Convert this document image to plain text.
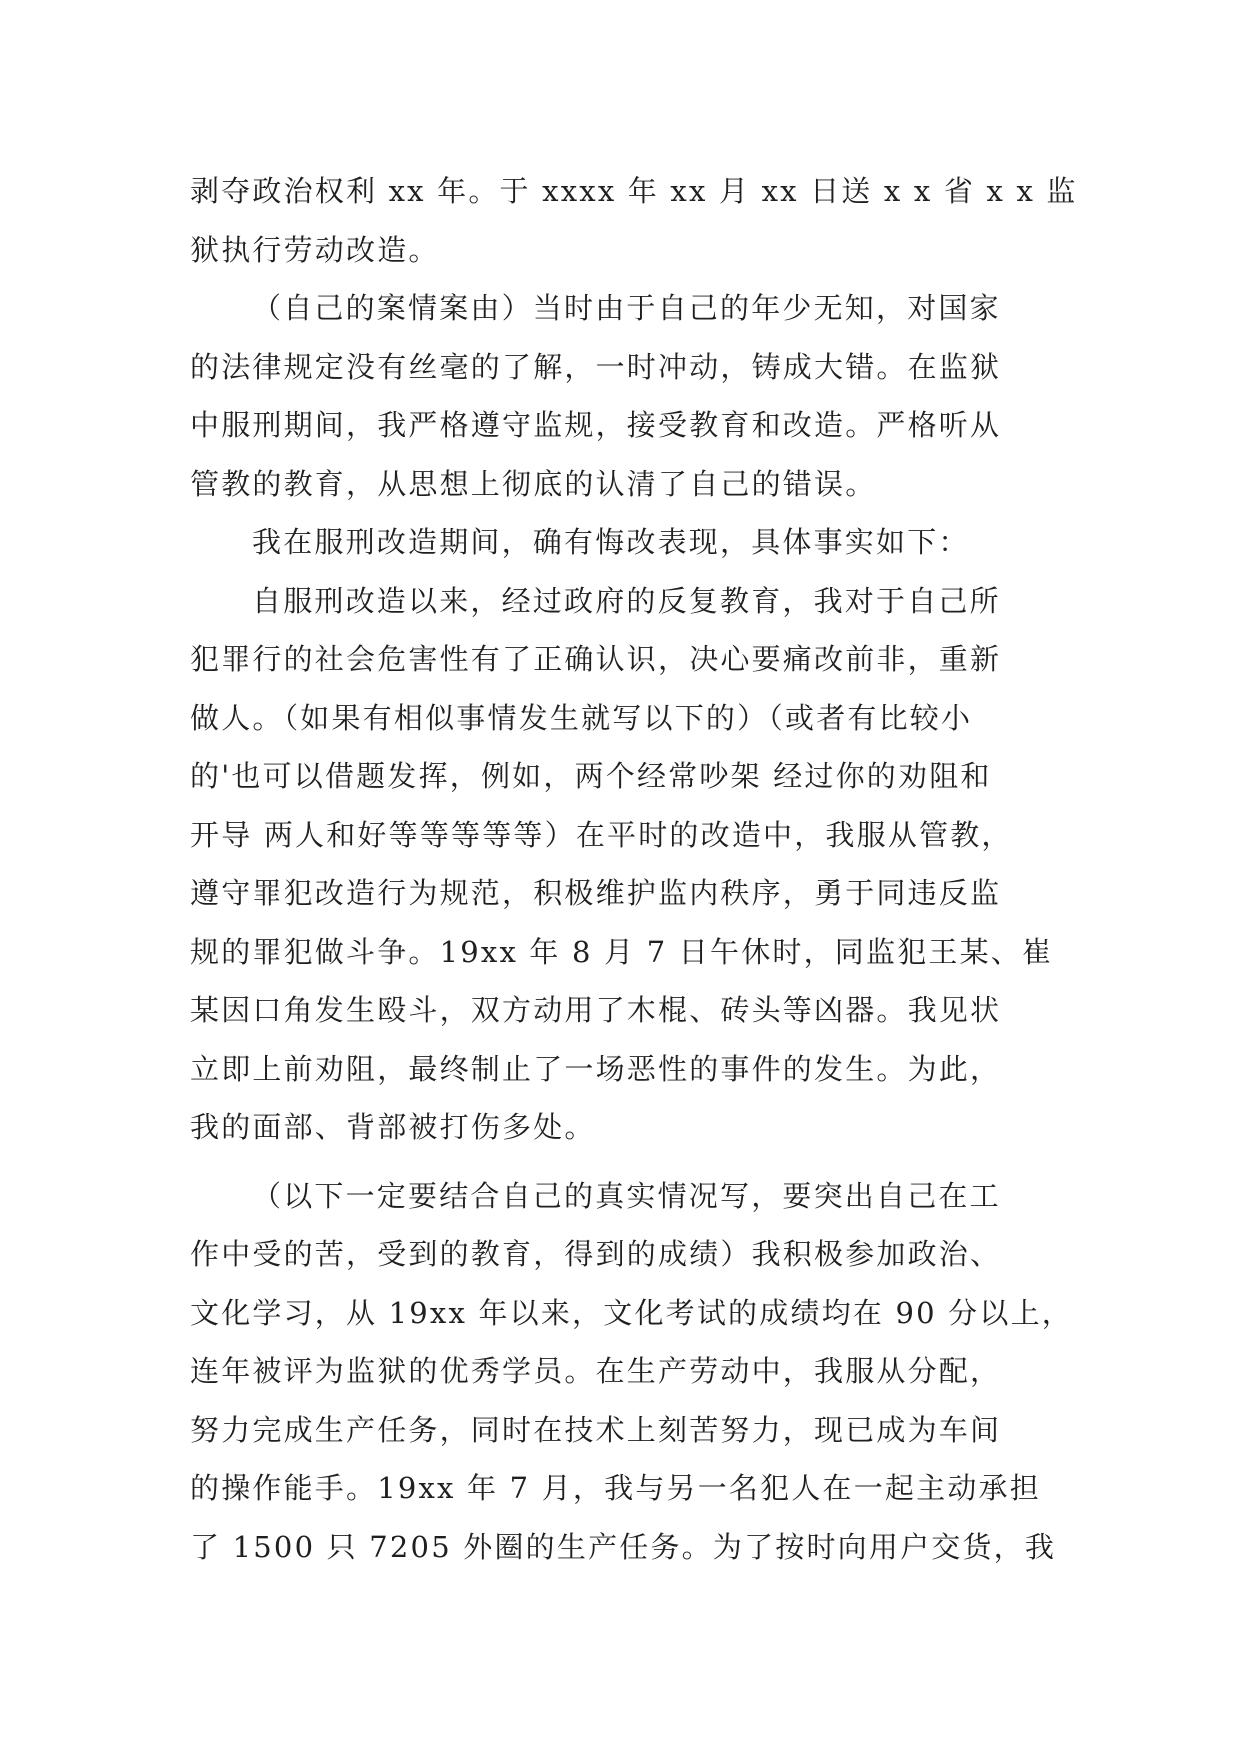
剥夺政治权利 xx 年。于 xxxx 年 xx 月 xx 日送 x x 省 x x 监
狱执行劳动改造。
（自己的案情案由）当时由于自己的年少无知，对国家
的法律规定没有丝毫的了解，一时冲动，铸成大错。在监狱
中服刑期间，我严格遵守监规，接受教育和改造。严格听从
管教的教育，从思想上彻底的认清了自己的错误。
我在服刑改造期间，确有悔改表现，具体事实如下：
自服刑改造以来，经过政府的反复教育，我对于自己所
犯罪行的社会危害性有了正确认识，决心要痛改前非，重新
做人。（如果有相似事情发生就写以下的）（或者有比较小
的'也可以借题发挥，例如，两个经常吵架 经过你的劝阻和
开导 两人和好等等等等等）在平时的改造中，我服从管教，
遵守罪犯改造行为规范，积极维护监内秩序，勇于同违反监
规的罪犯做斗争。19xx 年 8 月 7 日午休时，同监犯王某、崔
某因口角发生殴斗，双方动用了木棍、砖头等凶器。我见状
立即上前劝阻，最终制止了一场恶性的事件的发生。为此，
我的面部、背部被打伤多处。
（以下一定要结合自己的真实情况写，要突出自己在工
作中受的苦，受到的教育，得到的成绩）我积极参加政治、
文化学习，从 19xx 年以来，文化考试的成绩均在 90 分以上，
连年被评为监狱的优秀学员。在生产劳动中，我服从分配，
努力完成生产任务，同时在技术上刻苦努力，现已成为车间
的操作能手。19xx 年 7 月，我与另一名犯人在一起主动承担
了 1500 只 7205 外圈的生产任务。为了按时向用户交货，我
